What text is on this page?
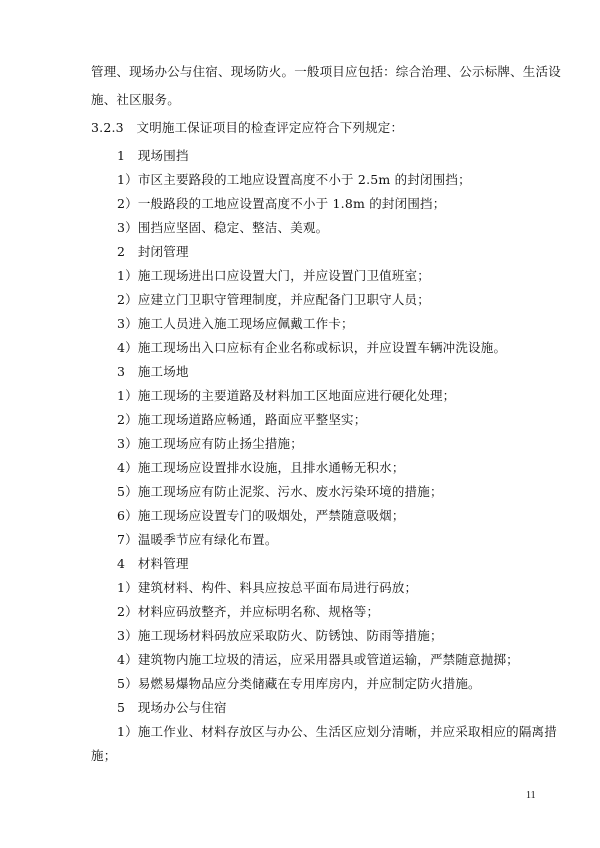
管理、现场办公与住宿、现场防火。一般项目应包括：综合治理、公示标牌、生活设
施、社区服务。
3.2.3　文明施工保证项目的检查评定应符合下列规定：
1　现场围挡
1）市区主要路段的工地应设置高度不小于 2.5m 的封闭围挡；
2）一般路段的工地应设置高度不小于 1.8m 的封闭围挡；
3）围挡应坚固、稳定、整洁、美观。
2　封闭管理
1）施工现场进出口应设置大门，并应设置门卫值班室；
2）应建立门卫职守管理制度，并应配备门卫职守人员；
3）施工人员进入施工现场应佩戴工作卡；
4）施工现场出入口应标有企业名称或标识，并应设置车辆冲洗设施。
3　施工场地
1）施工现场的主要道路及材料加工区地面应进行硬化处理；
2）施工现场道路应畅通，路面应平整坚实；
3）施工现场应有防止扬尘措施；
4）施工现场应设置排水设施，且排水通畅无积水；
5）施工现场应有防止泥浆、污水、废水污染环境的措施；
6）施工现场应设置专门的吸烟处，严禁随意吸烟；
7）温暖季节应有绿化布置。
4　材料管理
1）建筑材料、构件、料具应按总平面布局进行码放；
2）材料应码放整齐，并应标明名称、规格等；
3）施工现场材料码放应采取防火、防锈蚀、防雨等措施；
4）建筑物内施工垃圾的清运，应采用器具或管道运输，严禁随意抛掷；
5）易燃易爆物品应分类储藏在专用库房内，并应制定防火措施。
5　现场办公与住宿
1）施工作业、材料存放区与办公、生活区应划分清晰，并应采取相应的隔离措
施；
11
